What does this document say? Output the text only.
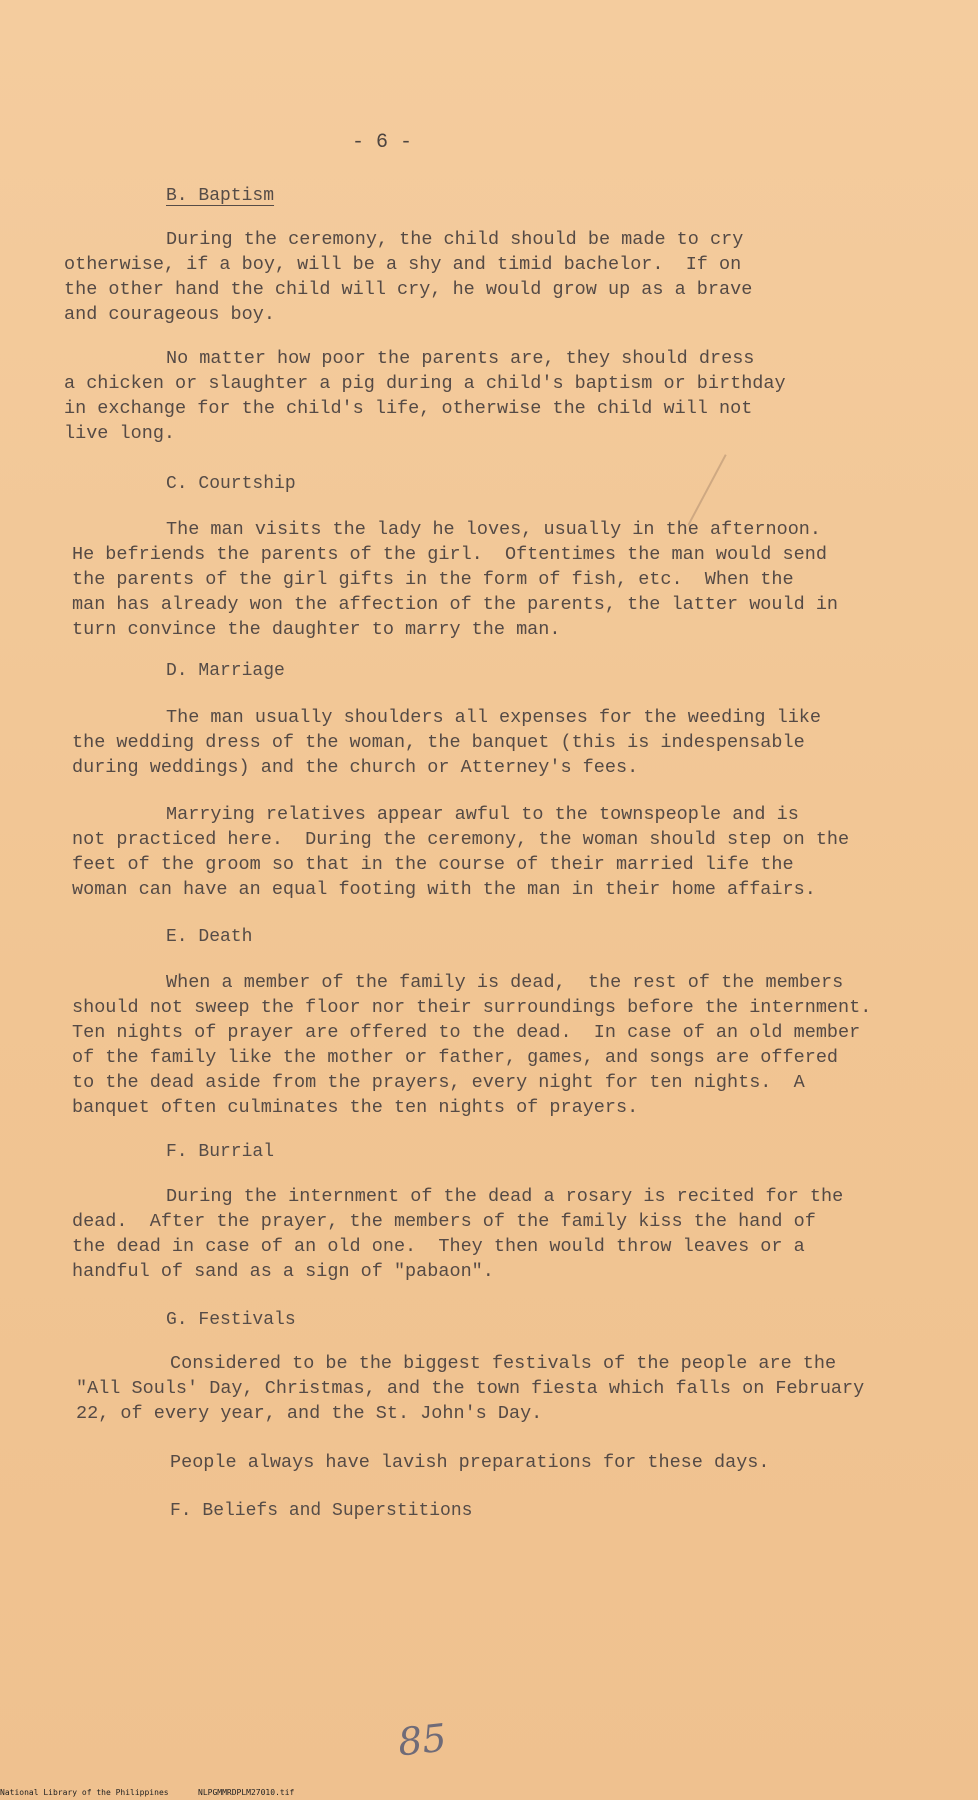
- 6 -
B. Baptism
During the ceremony, the child should be made to cry
otherwise, if a boy, will be a shy and timid bachelor.  If on
the other hand the child will cry, he would grow up as a brave
and courageous boy.
No matter how poor the parents are, they should dress
a chicken or slaughter a pig during a child's baptism or birthday
in exchange for the child's life, otherwise the child will not
live long.
C. Courtship
The man visits the lady he loves, usually in the afternoon.
He befriends the parents of the girl.  Oftentimes the man would send
the parents of the girl gifts in the form of fish, etc.  When the
man has already won the affection of the parents, the latter would in
turn convince the daughter to marry the man.
D. Marriage
The man usually shoulders all expenses for the weeding like
the wedding dress of the woman, the banquet (this is indespensable
during weddings) and the church or Atterney's fees.
Marrying relatives appear awful to the townspeople and is
not practiced here.  During the ceremony, the woman should step on the
feet of the groom so that in the course of their married life the
woman can have an equal footing with the man in their home affairs.
E. Death
When a member of the family is dead,  the rest of the members
should not sweep the floor nor their surroundings before the internment.
Ten nights of prayer are offered to the dead.  In case of an old member
of the family like the mother or father, games, and songs are offered
to the dead aside from the prayers, every night for ten nights.  A
banquet often culminates the ten nights of prayers.
F. Burrial
During the internment of the dead a rosary is recited for the
dead.  After the prayer, the members of the family kiss the hand of
the dead in case of an old one.  They then would throw leaves or a
handful of sand as a sign of "pabaon".
G. Festivals
Considered to be the biggest festivals of the people are the
"All Souls' Day, Christmas, and the town fiesta which falls on February
22, of every year, and the St. John's Day.
People always have lavish preparations for these days.
F. Beliefs and Superstitions
85
National Library of the Philippines	NLPGMMRDPLM27010.tif
